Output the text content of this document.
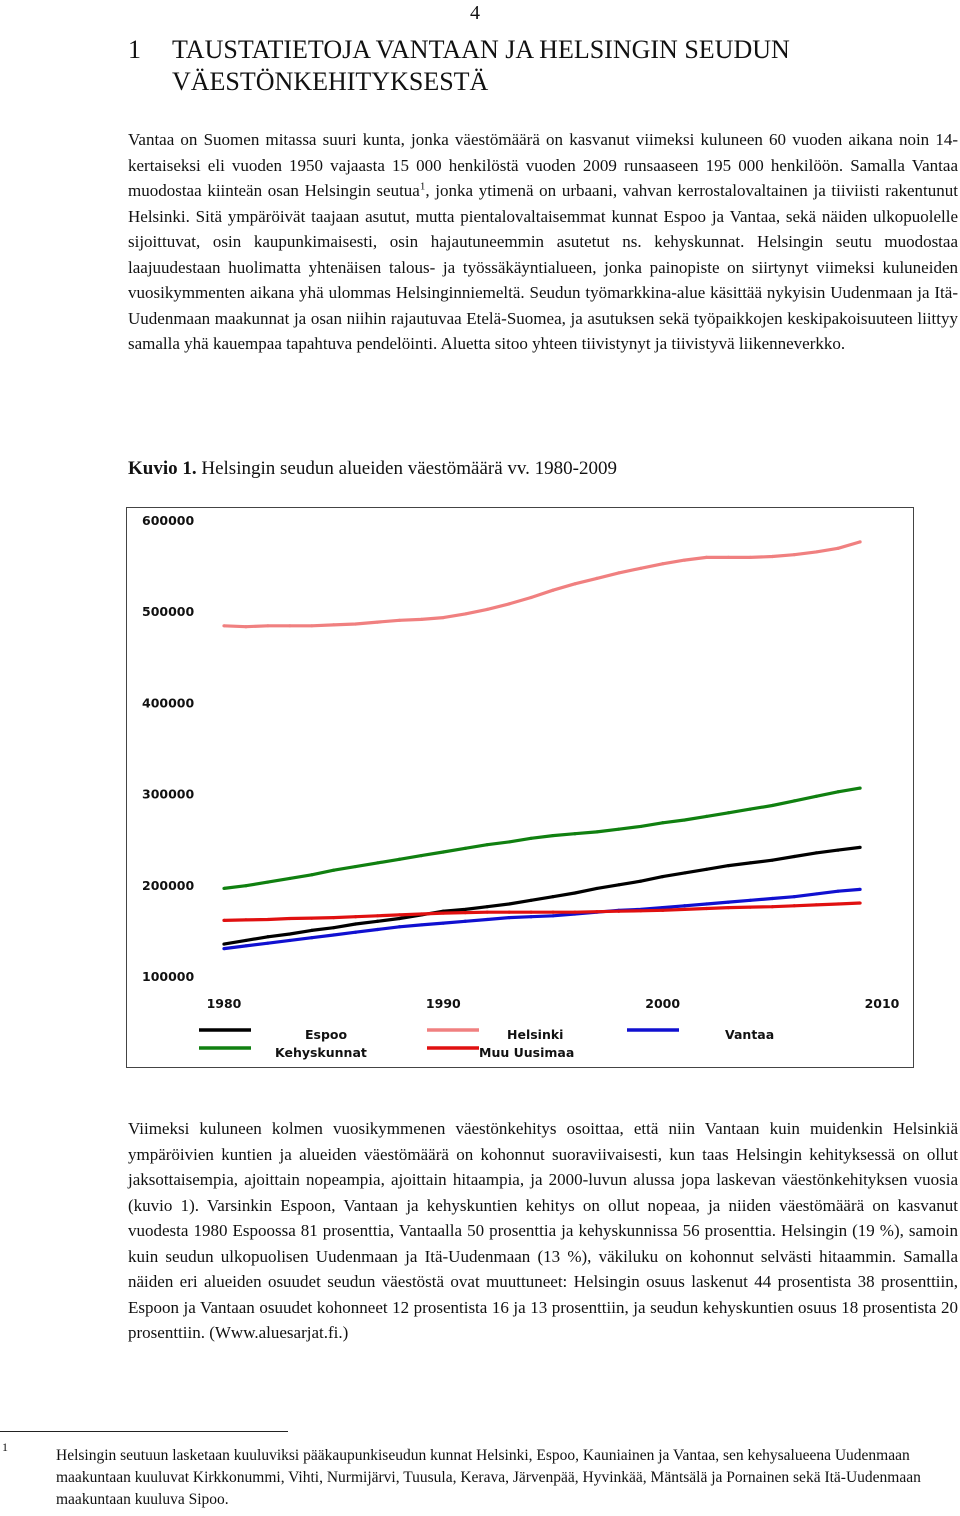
4
1 TAUSTATIETOJA VANTAAN JA HELSINGIN SEUDUN VÄESTÖNKEHITYKSESTÄ

Vantaa on Suomen mitassa suuri kunta, jonka väestömäärä on kasvanut viimeksi kuluneen 60 vuoden aikana noin 14-kertaiseksi eli vuoden 1950 vajaasta 15 000 henkilöstä vuoden 2009 runsaaseen 195 000 henkilöön. Samalla Vantaa muodostaa kiinteän osan Helsingin seutua$^1$, jonka ytimenä on urbaani, vahvan kerrostalovaltainen ja tiiviisti rakentunut Helsinki. Sitä ympäröivät taajaan asutut, mutta pientalovaltaisemmat kunnat Espoo ja Vantaa, sekä näiden ulkopuolelle sijoittuvat, osin kaupunkimaisesti, osin hajautuneemmin asutetut ns. kehyskunnat. Helsingin seutu muodostaa laajuudestaan huolimatta yhtenäisen talous- ja työssäkäyntialueen, jonka painopiste on siirtynyt viimeksi kuluneiden vuosikymmenten aikana yhä ulommas Helsinginniemeltä. Seudun työmarkkina-alue käsittää nykyisin Uudenmaan ja Itä-Uudenmaan maakunnat ja osan niihin rajautuvaa Etelä-Suomea, ja asutuksen sekä työpaikkojen keskipakoisuuteen liittyy samalla yhä kauempaa tapahtuva pendelöinti. Aluetta sitoo yhteen tiivistynyt ja tiivistyvä liikenneverkko.

Kuvio 1. Helsingin seudun alueiden väestömäärä vv. 1980-2009
600000
500000
400000
300000
200000
100000
1980	1990	2000	2010
Espoo	Helsinki	Vantaa
Kehyskunnat	Muu Uusimaa

Viimeksi kuluneen kolmen vuosikymmenen väestönkehitys osoittaa, että niin Vantaan kuin muidenkin Helsinkiä ympäröivien kuntien ja alueiden väestömäärä on kohonnut suoraviivaisesti, kun taas Helsingin kehityksessä on ollut jaksottaisempia, ajoittain nopeampia, ajoittain hitaampia, ja 2000-luvun alussa jopa laskevan väestönkehityksen vuosia (kuvio 1). Varsinkin Espoon, Vantaan ja kehyskuntien kehitys on ollut nopeaa, ja niiden väestömäärä on kasvanut vuodesta 1980 Espoossa 81 prosenttia, Vantaalla 50 prosenttia ja kehyskunnissa 56 prosenttia. Helsingin (19 %), samoin kuin seudun ulkopuolisen Uudenmaan ja Itä-Uudenmaan (13 %), väkiluku on kohonnut selvästi hitaammin. Samalla näiden eri alueiden osuudet seudun väestöstä ovat muuttuneet: Helsingin osuus laskenut 44 prosentista 38 prosenttiin, Espoon ja Vantaan osuudet kohonneet 12 prosentista 16 ja 13 prosenttiin, ja seudun kehyskuntien osuus 18 prosentista 20 prosenttiin. (Www.aluesarjat.fi.)

1	Helsingin seutuun lasketaan kuuluviksi pääkaupunkiseudun kunnat Helsinki, Espoo, Kauniainen ja Vantaa, sen kehysalueena Uudenmaan maakuntaan kuuluvat Kirkkonummi, Vihti, Nurmijärvi, Tuusula, Kerava, Järvenpää, Hyvinkää, Mäntsälä ja Pornainen sekä Itä-Uudenmaan maakuntaan kuuluva Sipoo.
